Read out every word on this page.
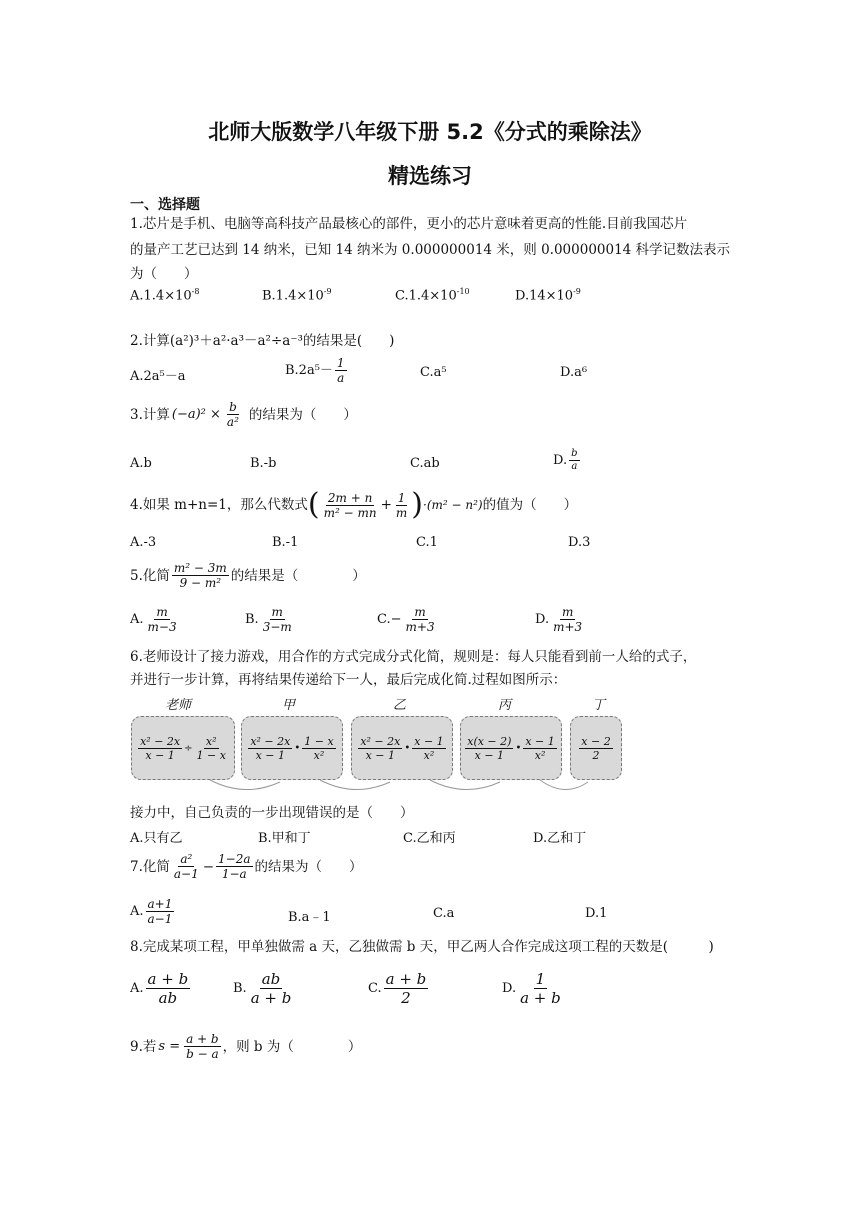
北师大版数学八年级下册 5.2《分式的乘除法》
精选练习
一、选择题
1.芯片是手机、电脑等高科技产品最核心的部件，更小的芯片意味着更高的性能.目前我国芯片
的量产工艺已达到 14 纳米，已知 14 纳米为 0.000000014 米，则 0.000000014 科学记数法表示
为（　　）
$A.1.4\times 10^{-8}$	$B.1.4\times 10^{-9}$	$C.1.4\times 10^{-10}$	$D.14\times 10^{-9}$
2.计算(a²)³＋a²·a³－a²÷a⁻³的结果是(　　)
A.2a⁵－a	$B.2a^5- \frac{1}{a}$	C.a⁵	D.a⁶
3.计算 $(-a)^2 \times \frac{b}{\text{a²}}$ 的结果为（　　）
A.b	B.-b	C.ab	D. $\frac{b}{a}$
4.如果 m+n=1，那么代数式 ( $\frac{2m + n}{\text{m² − mn}} + \frac{1}{m}$ ) ·(m² − n²) 的值为（　　）
A.-3	B.-1	C.1	D.3
5.化简 $\frac{\text{m² − 3m}}{\text{9 − m²}}$ 的结果是（　　　　）
A. $\frac{m}{m-3}$	B. $\frac{m}{3-m}$	$C.- \frac{m}{m+3}$	D. $\frac{m}{m+3}$
6.老师设计了接力游戏，用合作的方式完成分式化简，规则是：每人只能看到前一人给的式子，
并进行一步计算，再将结果传递给下一人，最后完成化简.过程如图所示：
老师	甲	乙	丙	丁
$\frac{\text{x² − 2x}}{x - 1} \div \frac{\text{x²}}{1 - x} \frac{\text{x² − 2x}}{x - 1}$ • $\frac{1 - x}{\text{x²}} \frac{\text{x² − 2x}}{x - 1}$ • $\frac{x - 1}{\text{x²}} \frac{x(x - 2)}{x - 1}$ • $\frac{x - 1}{\text{x²}} \frac{x - 2}{2}$
接力中，自己负责的一步出现错误的是（　　）
A.只有乙	B.甲和丁	C.乙和丙	D.乙和丁
7.化简 $\frac{\text{a²}}{a-1} - \frac{1-2a}{1-a}$ 的结果为（　　）
A. $\frac{a+1}{a-1}$	B.a﹣1	C.a	D.1
8.完成某项工程，甲单独做需 a 天，乙独做需 b 天，甲乙两人合作完成这项工程的天数是(　　　)
A. $\frac{a + b}{ab}$	B. $\frac{ab}{a + b}$	C. $\frac{a + b}{2}$	D. $\frac{1}{a + b}$
9.若 $s = \frac{a + b}{b - a}$ ，则 b 为（　　　　）
